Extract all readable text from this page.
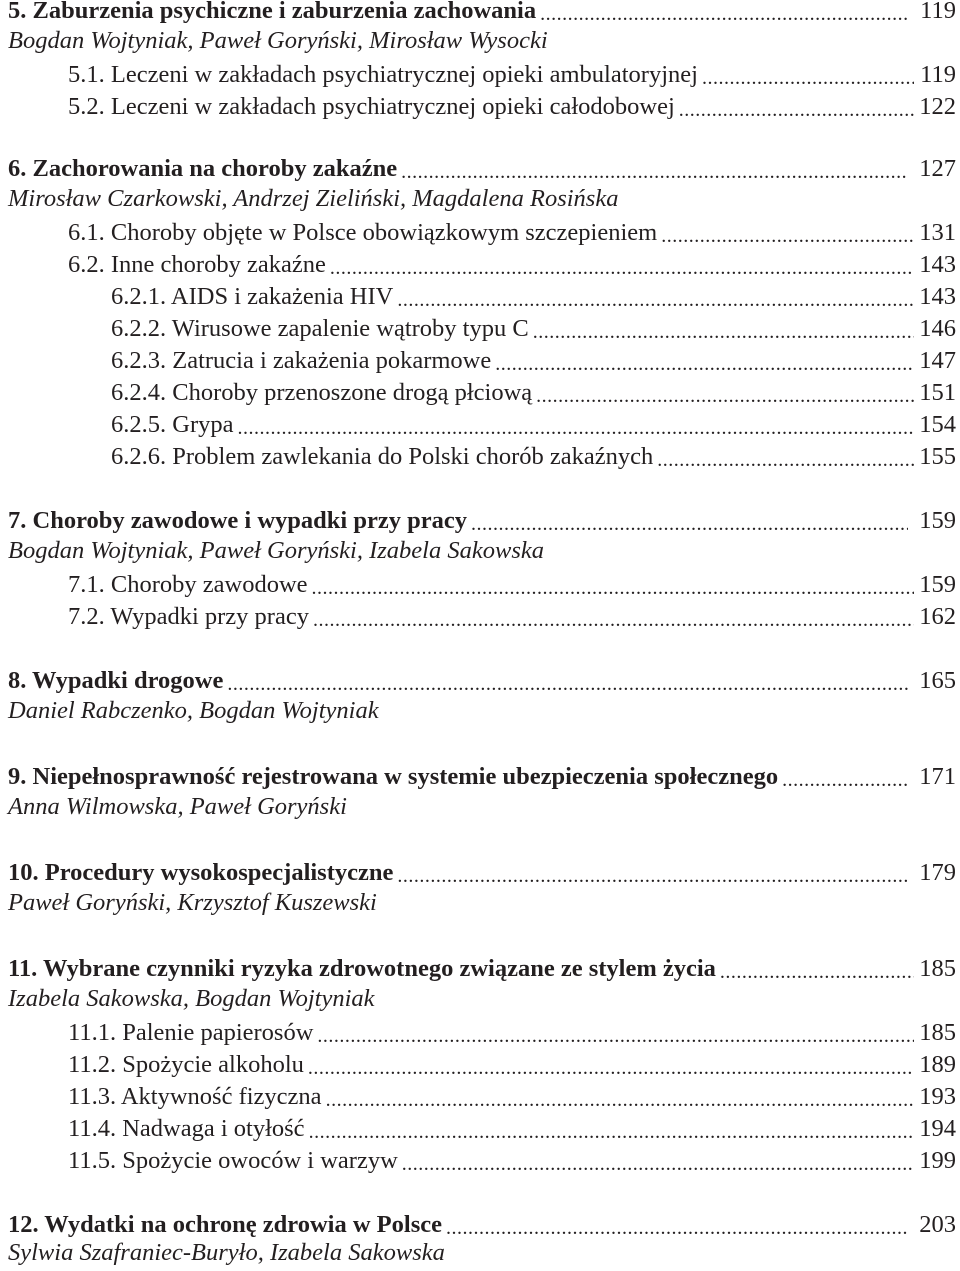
5. Zaburzenia psychiczne i zaburzenia zachowania .....	119
Bogdan Wojtyniak, Paweł Goryński, Mirosław Wysocki
5.1. Leczeni w zakładach psychiatrycznej opieki ambulatoryjnej .....	119
5.2. Leczeni w zakładach psychiatrycznej opieki całodobowej .....	122
6. Zachorowania na choroby zakaźne .....	127
Mirosław Czarkowski, Andrzej Zieliński, Magdalena Rosińska
6.1. Choroby objęte w Polsce obowiązkowym szczepieniem .....	131
6.2. Inne choroby zakaźne .....	143
6.2.1. AIDS i zakażenia HIV .....	143
6.2.2. Wirusowe zapalenie wątroby typu C .....	146
6.2.3. Zatrucia i zakażenia pokarmowe .....	147
6.2.4. Choroby przenoszone drogą płciową .....	151
6.2.5. Grypa .....	154
6.2.6. Problem zawlekania do Polski chorób zakaźnych .....	155
7. Choroby zawodowe i wypadki przy pracy .....	159
Bogdan Wojtyniak, Paweł Goryński, Izabela Sakowska
7.1. Choroby zawodowe .....	159
7.2. Wypadki przy pracy .....	162
8. Wypadki drogowe .....	165
Daniel Rabczenko, Bogdan Wojtyniak
9. Niepełnosprawność rejestrowana w systemie ubezpieczenia społecznego .....	171
Anna Wilmowska, Paweł Goryński
10. Procedury wysokospecjalistyczne .....	179
Paweł Goryński, Krzysztof Kuszewski
11. Wybrane czynniki ryzyka zdrowotnego związane ze stylem życia .....	185
Izabela Sakowska, Bogdan Wojtyniak
11.1. Palenie papierosów .....	185
11.2. Spożycie alkoholu .....	189
11.3. Aktywność fizyczna .....	193
11.4. Nadwaga i otyłość .....	194
11.5. Spożycie owoców i warzyw .....	199
12. Wydatki na ochronę zdrowia w Polsce .....	203
Sylwia Szafraniec-Buryło, Izabela Sakowska
